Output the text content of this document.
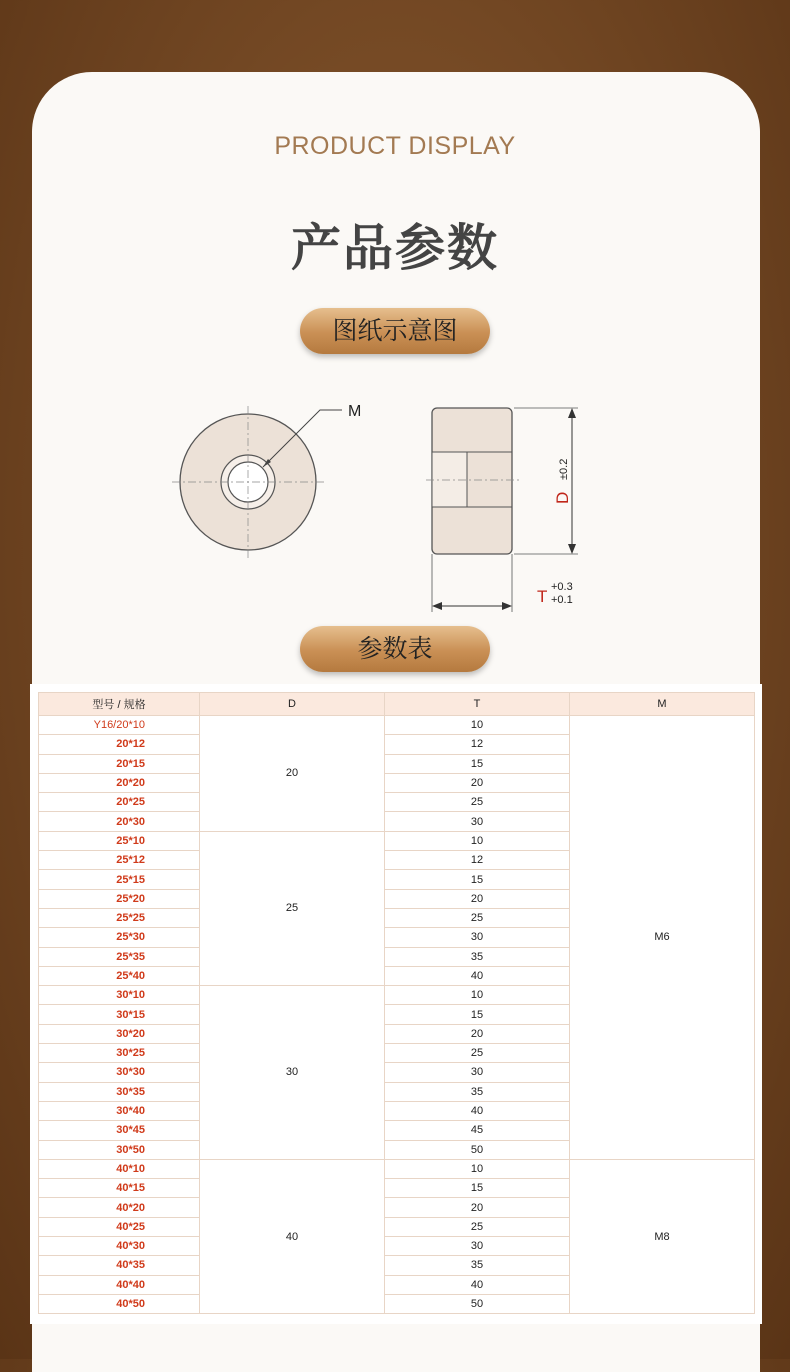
PRODUCT DISPLAY
产品参数
图纸示意图
M
D
±0.2
T +0.3
+0.1
参数表
型号 / 规格	D	T	M
Y16/20*10	20	10	M6
20*12		12	
20*15		15	
20*20		20	
20*25		25	
20*30		30	
25*10	25	10	
25*12		12	
25*15		15	
25*20		20	
25*25		25	
25*30		30	
25*35		35	
25*40		40	
30*10	30	10	
30*15		15	
30*20		20	
30*25		25	
30*30		30	
30*35		35	
30*40		40	
30*45		45	
30*50		50	
40*10	40	10	M8
40*15		15	
40*20		20	
40*25		25	
40*30		30	
40*35		35	
40*40		40	
40*50		50	
